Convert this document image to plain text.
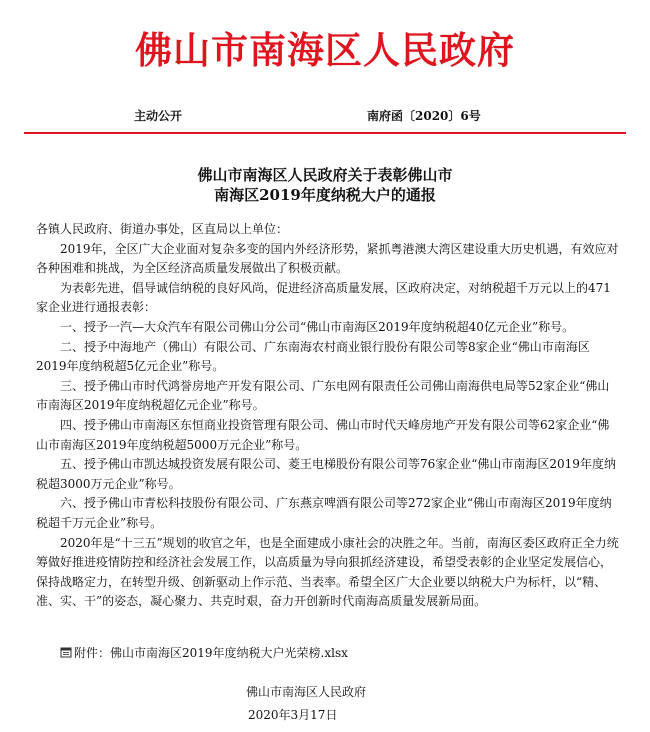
佛山市南海区人民政府
主动公开	南府函〔2020〕6号
佛山市南海区人民政府关于表彰佛山市
南海区2019年度纳税大户的通报

各镇人民政府、街道办事处，区直局以上单位：

2019年，全区广大企业面对复杂多变的国内外经济形势，紧抓粤港澳大湾区建设重大历史机遇，有效应对各种困难和挑战，为全区经济高质量发展做出了积极贡献。

为表彰先进，倡导诚信纳税的良好风尚，促进经济高质量发展，区政府决定，对纳税超千万元以上的471家企业进行通报表彰：

一、授予一汽—大众汽车有限公司佛山分公司“佛山市南海区2019年度纳税超40亿元企业”称号。

二、授予中海地产（佛山）有限公司、广东南海农村商业银行股份有限公司等8家企业“佛山市南海区2019年度纳税超5亿元企业”称号。

三、授予佛山市时代鸿誉房地产开发有限公司、广东电网有限责任公司佛山南海供电局等52家企业“佛山市南海区2019年度纳税超亿元企业”称号。

四、授予佛山市南海区东恒商业投资管理有限公司、佛山市时代天峰房地产开发有限公司等62家企业“佛山市南海区2019年度纳税超5000万元企业”称号。

五、授予佛山市凯达城投资发展有限公司、菱王电梯股份有限公司等76家企业“佛山市南海区2019年度纳税超3000万元企业”称号。

六、授予佛山市青松科技股份有限公司、广东燕京啤酒有限公司等272家企业“佛山市南海区2019年度纳税超千万元企业”称号。

2020年是“十三五”规划的收官之年，也是全面建成小康社会的决胜之年。当前，南海区委区政府正全力统筹做好推进疫情防控和经济社会发展工作，以高质量为导向狠抓经济建设，希望受表彰的企业坚定发展信心，保持战略定力，在转型升级、创新驱动上作示范、当表率。希望全区广大企业要以纳税大户为标杆，以“精、准、实、干”的姿态，凝心聚力、共克时艰，奋力开创新时代南海高质量发展新局面。

附件：佛山市南海区2019年度纳税大户光荣榜.xlsx
佛山市南海区人民政府
2020年3月17日
